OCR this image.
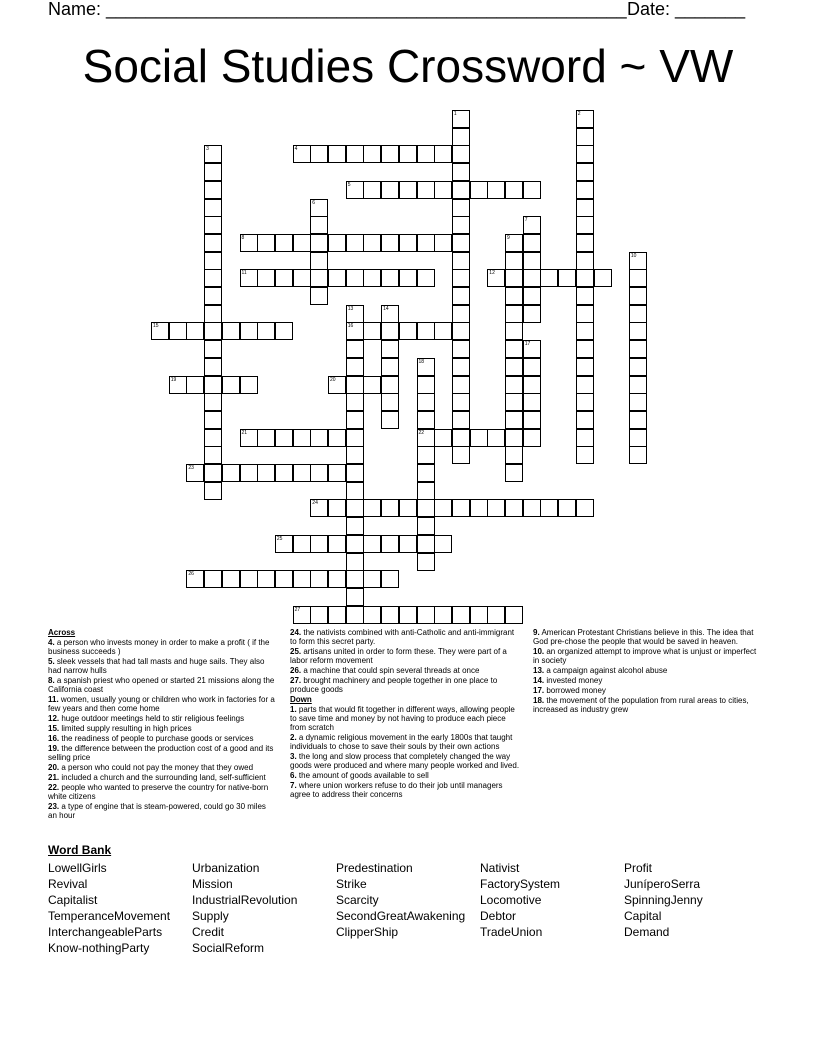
Name: ____________________________________________________ Date: _______
Social Studies Crossword ~ VW
1	2
3	4
5
6
7
8	9
10
11	12
13
16
14
15
17
18
22
19	20
21
23
24
25
26
27
Across
4. a person who invests money in order to make a profit ( if the business succeeds )
5. sleek vessels that had tall masts and huge sails. They also had narrow hulls
8. a spanish priest who opened or started 21 missions along the California coast
11. women, usually young or children who work in factories for a few years and then come home
12. huge outdoor meetings held to stir religious feelings
15. limited supply resulting in high prices
16. the readiness of people to purchase goods or services
19. the difference between the production cost of a good and its selling price
20. a person who could not pay the money that they owed
21. included a church and the surrounding land, self-sufficient
22. people who wanted to preserve the country for native-born white citizens
23. a type of engine that is steam-powered, could go 30 miles an hour
24. the nativists combined with anti-Catholic and anti-immigrant to form this secret party.
25. artisans united in order to form these. They were part of a labor reform movement
26. a machine that could spin several threads at once
27. brought machinery and people together in one place to produce goods
Down
1. parts that would fit together in different ways, allowing people to save time and money by not having to produce each piece from scratch
2. a dynamic religious movement in the early 1800s that taught individuals to chose to save their souls by their own actions
3. the long and slow process that completely changed the way goods were produced and where many people worked and lived.
6. the amount of goods available to sell
7. where union workers refuse to do their job until managers agree to address their concerns
9. American Protestant Christians believe in this. The idea that God pre-chose the people that would be saved in heaven.
10. an organized attempt to improve what is unjust or imperfect in society
13. a campaign against alcohol abuse
14. invested money
17. borrowed money
18. the movement of the population from rural areas to cities, increased as industry grew
Word Bank
LowellGirls
Revival
Capitalist
TemperanceMovement
InterchangeableParts
Know-nothingParty
Urbanization
Mission
IndustrialRevolution
Supply
Credit
SocialReform
Predestination
Strike
Scarcity
SecondGreatAwakening
ClipperShip
Nativist
FactorySystem
Locomotive
Debtor
TradeUnion
Profit
JuníperoSerra
SpinningJenny
Capital
Demand
